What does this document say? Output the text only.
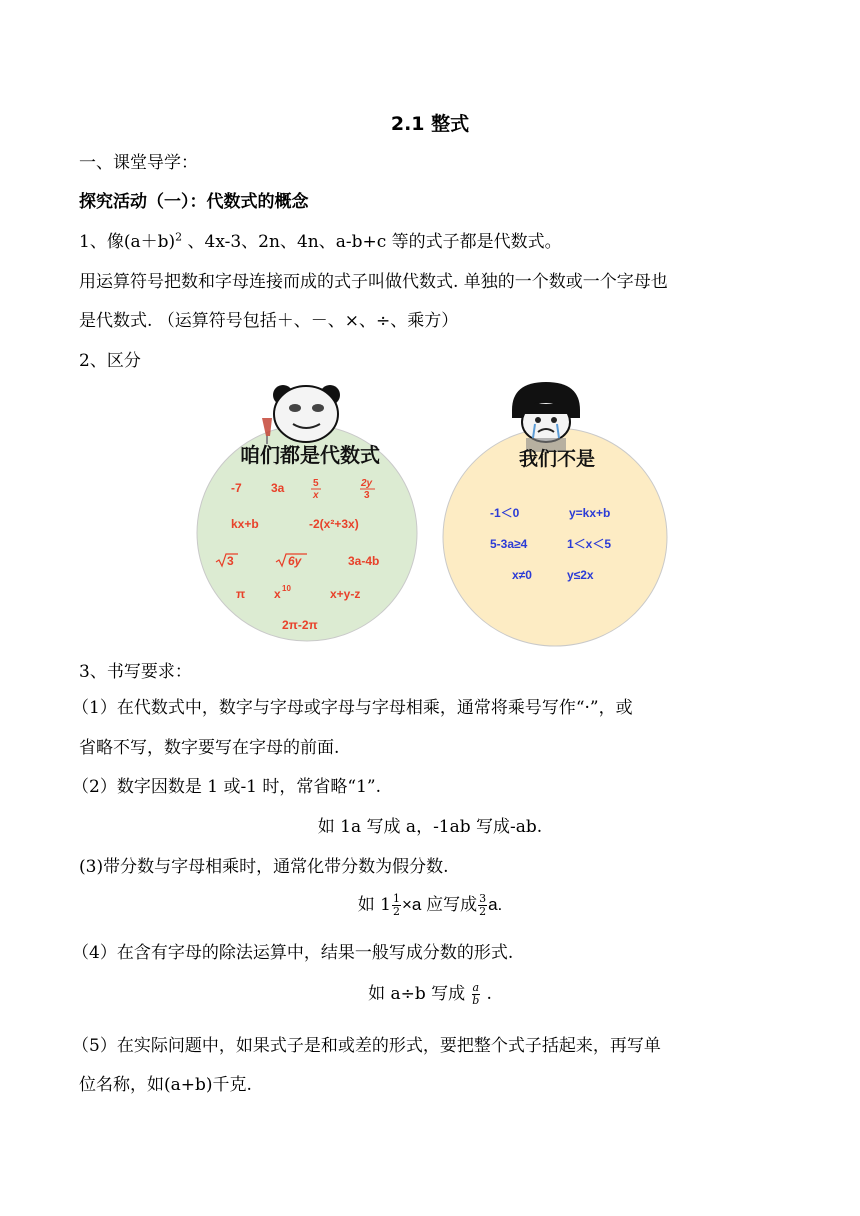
2.1 整式
一、课堂导学：
探究活动（一）：代数式的概念
1、像$(a+b)^2$ 、4x-3、2n、4n、a-b+c 等的式子都是代数式。
用运算符号把数和字母连接而成的式子叫做代数式. 单独的一个数或一个字母也
是代数式. （运算符号包括＋、－、×、÷、乘方）
2、区分
咱们都是代数式	我们不是
-7 3a	5
x
2y
3
kx+b	-2(x²+3x)
3	6y	3a-4b
π x 10	x+y-z
2π-2π
-1＜0	y=kx+b
5-3a≥4	1＜x＜5
x≠0	y≤2x
3、书写要求：
（1）在代数式中，数字与字母或字母与字母相乘，通常将乘号写作“·”，或
省略不写，数字要写在字母的前面.
（2）数字因数是 1 或-1 时，常省略“1”.
如 1a 写成 a，-1ab 写成-ab.
(3)带分数与字母相乘时，通常化带分数为假分数.
如 $1 \frac{1}{2} \times a$ 应写成 $\frac{3}{2} a$.
（4）在含有字母的除法运算中，结果一般写成分数的形式.
如 a÷b 写成 $\frac{a}{b}$ .
（5）在实际问题中，如果式子是和或差的形式，要把整个式子括起来，再写单
位名称，如(a+b)千克.
